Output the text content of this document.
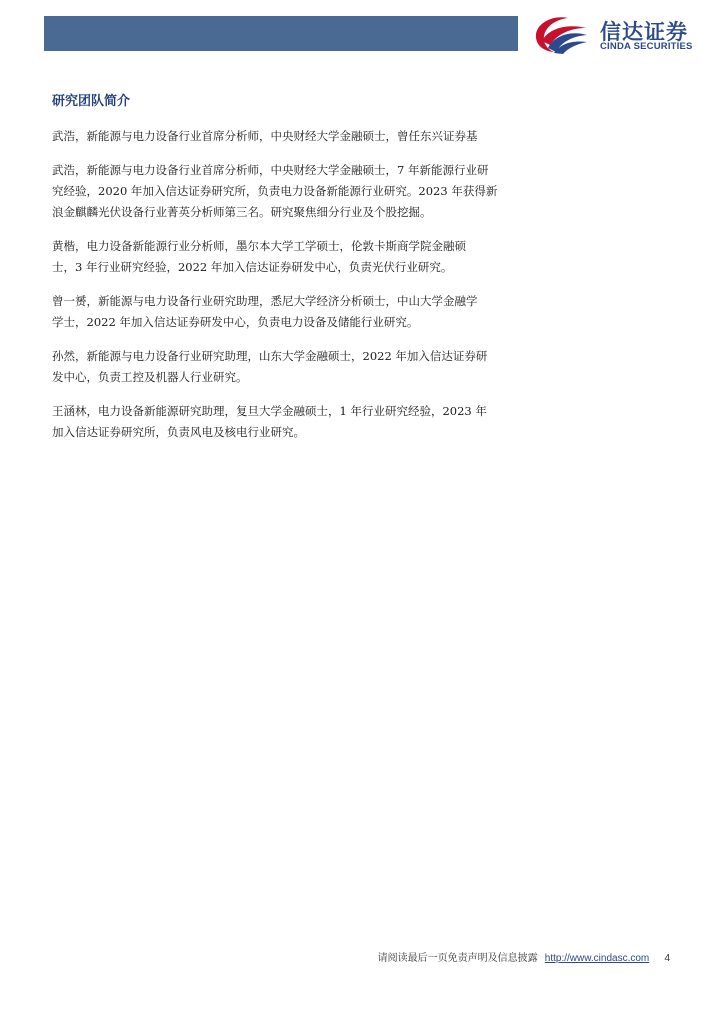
信达证券
CINDA SECURITIES
研究团队简介
武浩，新能源与电力设备行业首席分析师，中央财经大学金融硕士，曾任东兴证券基
武浩，新能源与电力设备行业首席分析师，中央财经大学金融硕士，7 年新能源行业研
究经验，2020 年加入信达证券研究所，负责电力设备新能源行业研究。2023 年获得新
浪金麒麟光伏设备行业菁英分析师第三名。研究聚焦细分行业及个股挖掘。
黄楷，电力设备新能源行业分析师，墨尔本大学工学硕士，伦敦卡斯商学院金融硕
士，3 年行业研究经验，2022 年加入信达证券研发中心，负责光伏行业研究。
曾一赟，新能源与电力设备行业研究助理，悉尼大学经济分析硕士，中山大学金融学
学士，2022 年加入信达证券研发中心，负责电力设备及储能行业研究。
孙然，新能源与电力设备行业研究助理，山东大学金融硕士，2022 年加入信达证券研
发中心，负责工控及机器人行业研究。
王涵林，电力设备新能源研究助理，复旦大学金融硕士，1 年行业研究经验，2023 年
加入信达证券研究所，负责风电及核电行业研究。
请阅读最后一页免责声明及信息披露 http://www.cindasc.com 4
